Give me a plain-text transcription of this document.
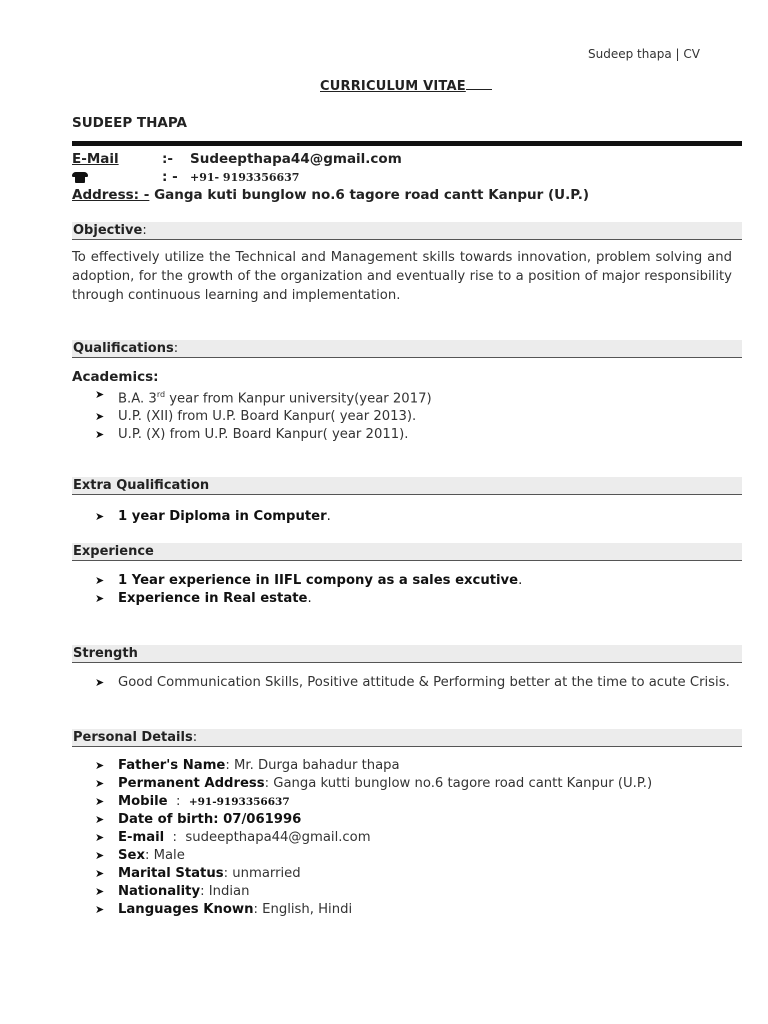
Sudeep thapa | CV
CURRICULUM VITAE
SUDEEP THAPA
E-Mail	:- Sudeepthapa44@gmail.com
: - +91- 9193356637
Address: - Ganga kuti bunglow no.6 tagore road cantt Kanpur (U.P.)
Objective:
To effectively utilize the Technical and Management skills towards innovation, problem solving and adoption, for the growth of the organization and eventually rise to a position of major responsibility through continuous learning and implementation.
Qualifications:
Academics:
➤ B.A. 3rd year from Kanpur university(year 2017)
➤ U.P. (XII) from U.P. Board Kanpur( year 2013).
➤ U.P. (X) from U.P. Board Kanpur( year 2011).
Extra Qualification
➤ 1 year Diploma in Computer.
Experience
➤ 1 Year experience in IIFL compony as a sales excutive.
➤ Experience in Real estate.
Strength
➤ Good Communication Skills, Positive attitude & Performing better at the time to acute Crisis.
Personal Details:
➤ Father's Name: Mr. Durga bahadur thapa
➤ Permanent Address: Ganga kutti bunglow no.6 tagore road cantt Kanpur (U.P.)
➤ Mobile  :  +91-9193356637
➤ Date of birth: 07/061996
➤ E-mail  :  sudeepthapa44@gmail.com
➤ Sex: Male
➤ Marital Status: unmarried
➤ Nationality: Indian
➤ Languages Known: English, Hindi
